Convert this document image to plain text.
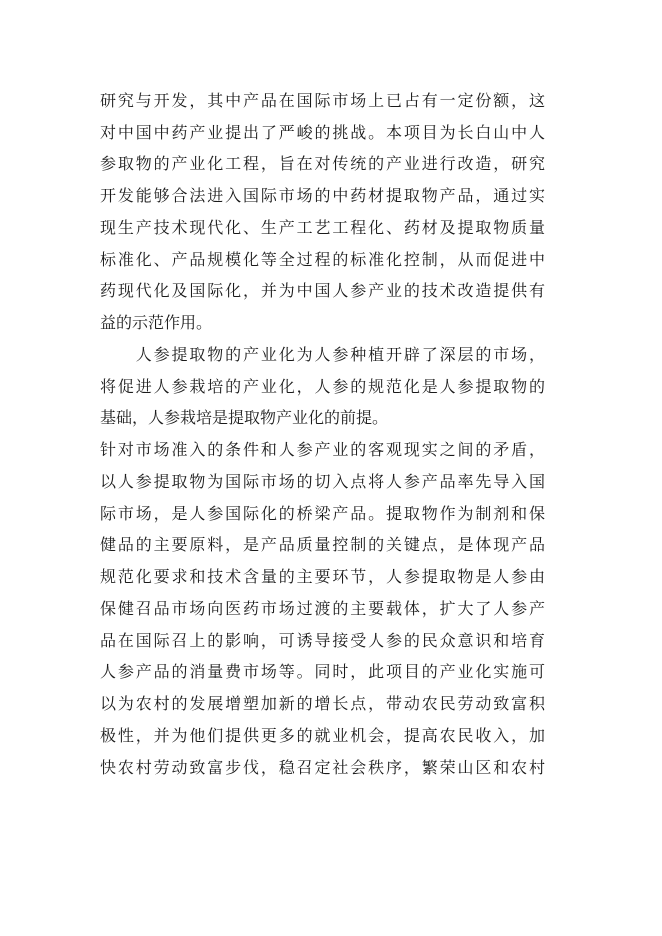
研究与开发，其中产品在国际市场上已占有一定份额，这
对中国中药产业提出了严峻的挑战。本项目为长白山中人
参取物的产业化工程，旨在对传统的产业进行改造，研究
开发能够合法进入国际市场的中药材提取物产品，通过实
现生产技术现代化、生产工艺工程化、药材及提取物质量
标准化、产品规模化等全过程的标准化控制，从而促进中
药现代化及国际化，并为中国人参产业的技术改造提供有
益的示范作用。
　　人参提取物的产业化为人参种植开辟了深层的市场，
将促进人参栽培的产业化，人参的规范化是人参提取物的
基础，人参栽培是提取物产业化的前提。
针对市场准入的条件和人参产业的客观现实之间的矛盾，
以人参提取物为国际市场的切入点将人参产品率先导入国
际市场，是人参国际化的桥梁产品。提取物作为制剂和保
健品的主要原料，是产品质量控制的关键点，是体现产品
规范化要求和技术含量的主要环节，人参提取物是人参由
保健召品市场向医药市场过渡的主要载体，扩大了人参产
品在国际召上的影响，可诱导接受人参的民众意识和培育
人参产品的消量费市场等。同时，此项目的产业化实施可
以为农村的发展增塑加新的增长点，带动农民劳动致富积
极性，并为他们提供更多的就业机会，提高农民收入，加
快农村劳动致富步伐，稳召定社会秩序，繁荣山区和农村
